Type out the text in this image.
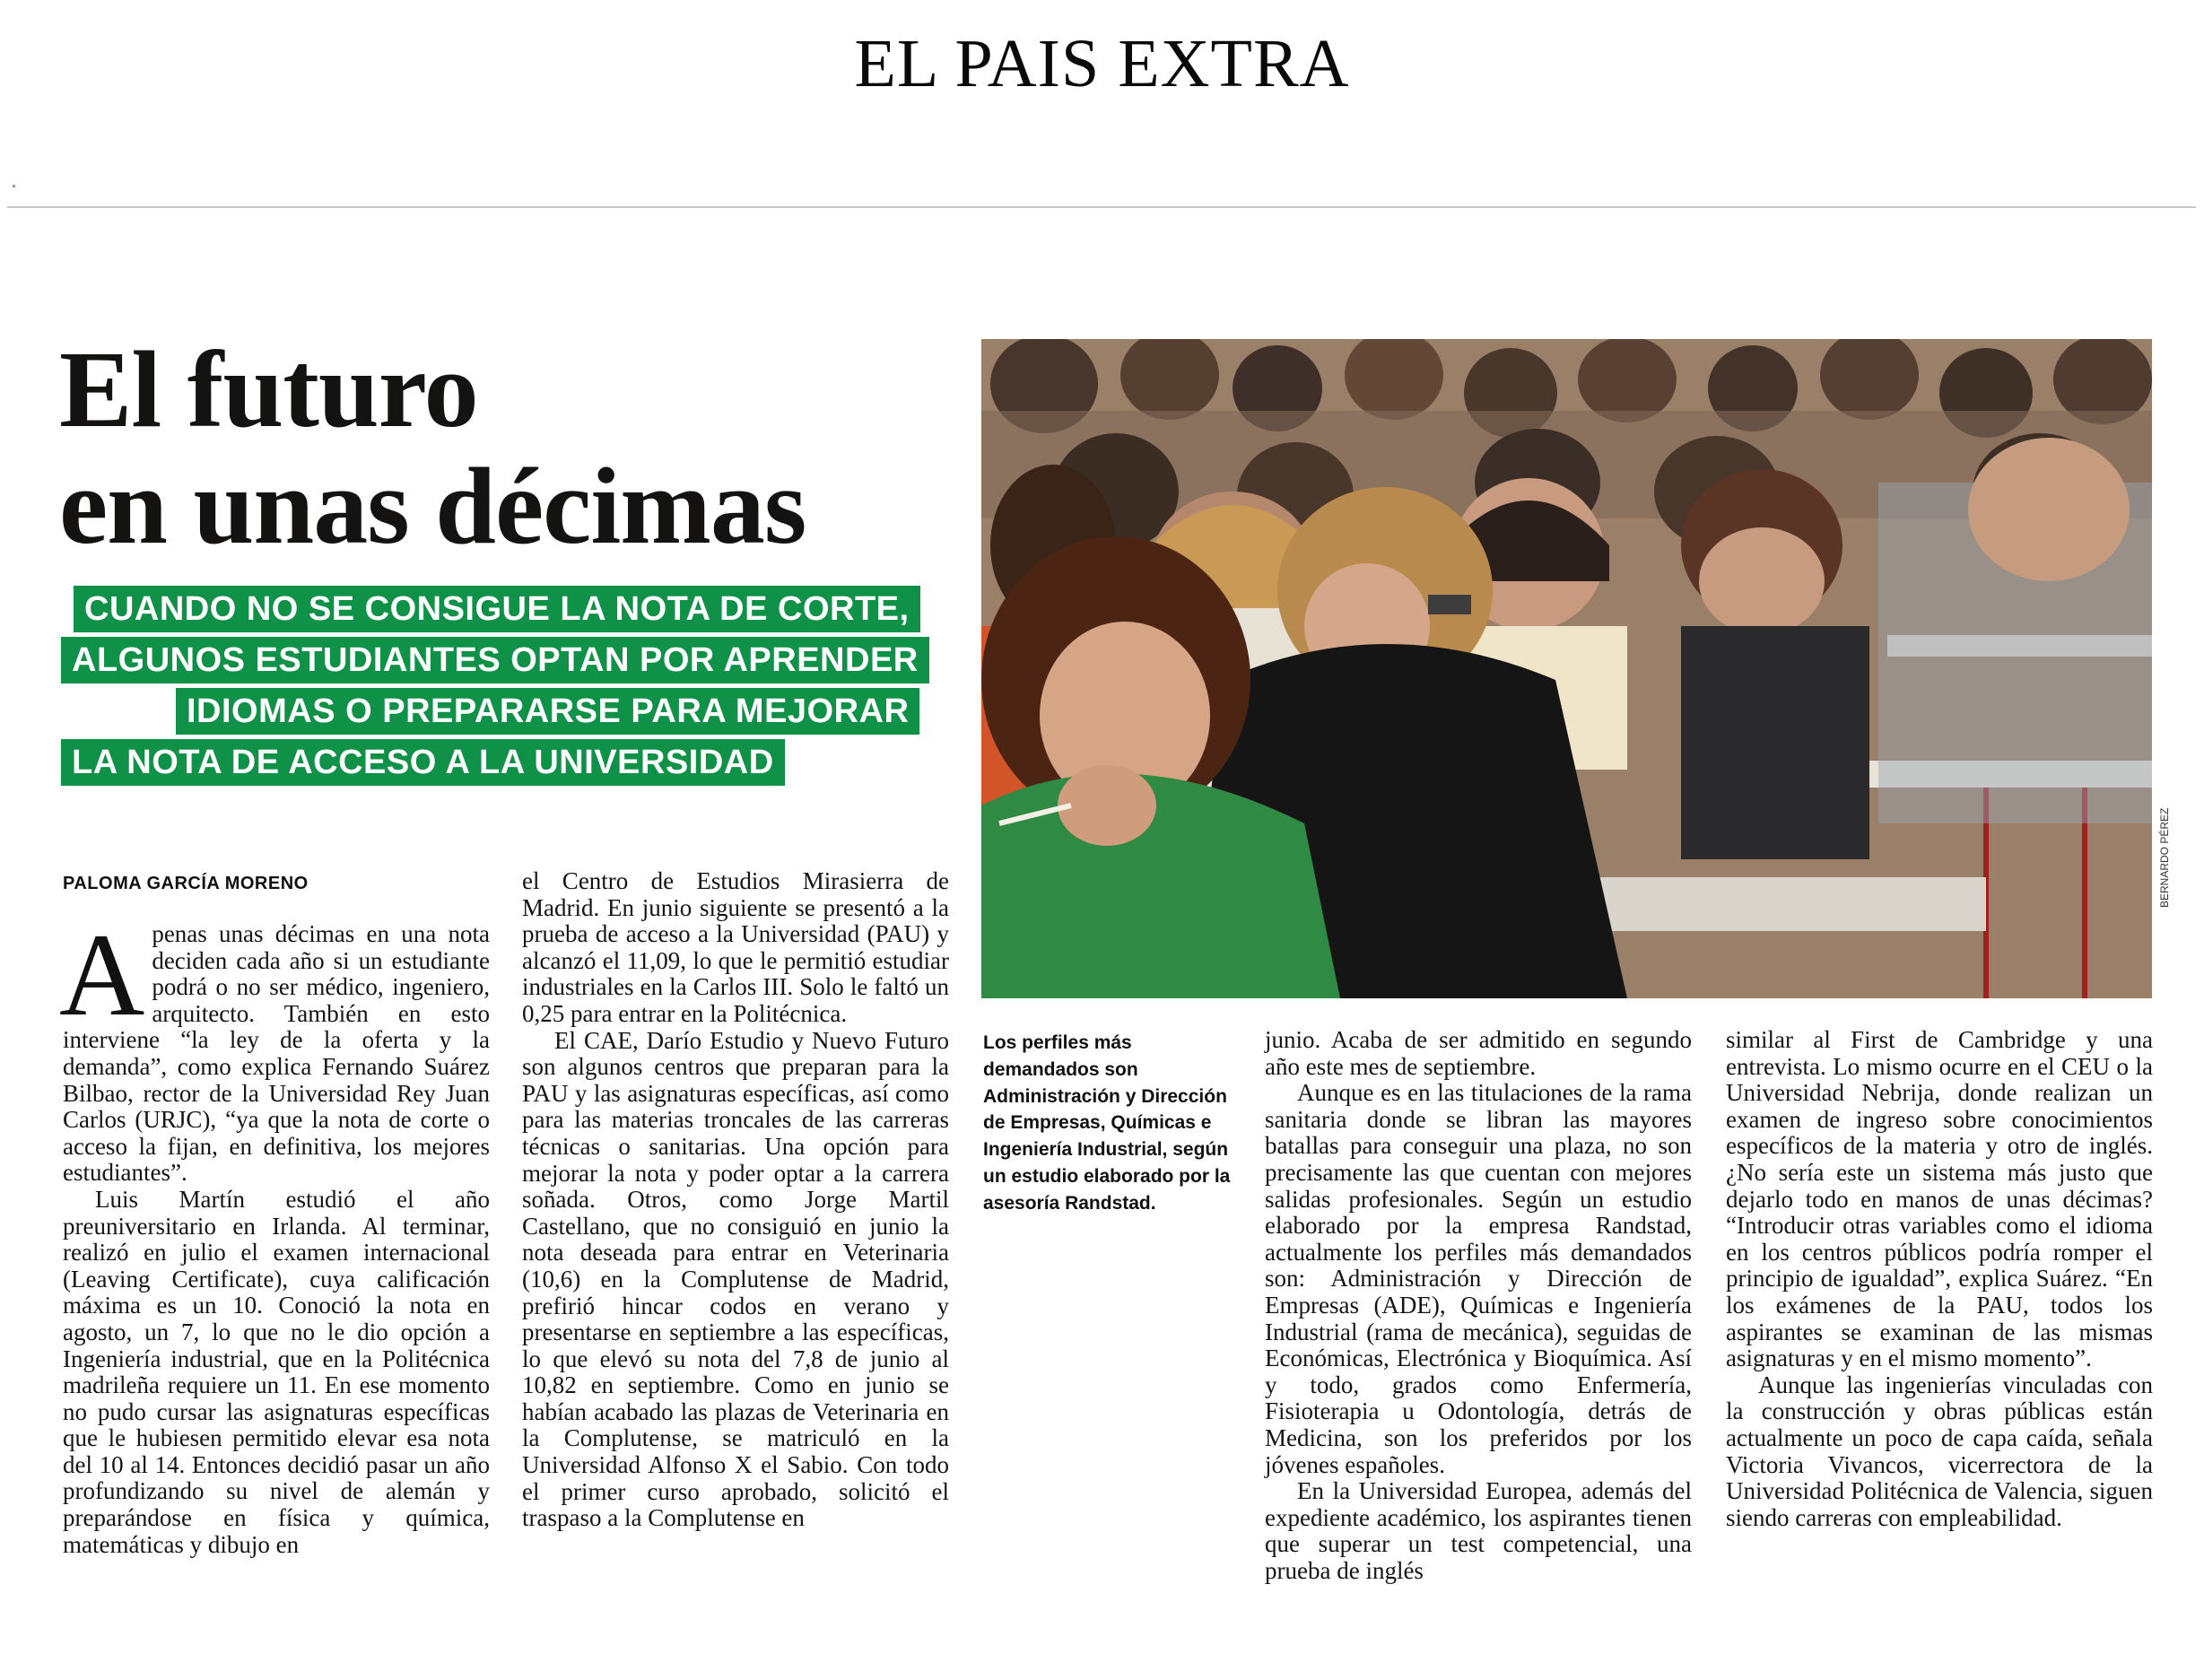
EL PAIS EXTRA
El futuro
en unas décimas
CUANDO NO SE CONSIGUE LA NOTA DE CORTE,
ALGUNOS ESTUDIANTES OPTAN POR APRENDER
IDIOMAS O PREPARARSE PARA MEJORAR
LA NOTA DE ACCESO A LA UNIVERSIDAD
BERNARDO PÉREZ
PALOMA GARCÍA MORENO

Apenas unas décimas en una nota deciden cada año si un estudiante podrá o no ser médico, ingeniero, arquitecto. También en esto interviene “la ley de la oferta y la demanda”, como explica Fernando Suárez Bilbao, rector de la Universidad Rey Juan Carlos (URJC), “ya que la nota de corte o acceso la fijan, en definitiva, los mejores estudiantes”.

Luis Martín estudió el año preuniversitario en Irlanda. Al terminar, realizó en julio el examen internacional (Leaving Certificate), cuya calificación máxima es un 10. Conoció la nota en agosto, un 7, lo que no le dio opción a Ingeniería industrial, que en la Politécnica madrileña requiere un 11. En ese momento no pudo cursar las asignaturas específicas que le hubiesen permitido elevar esa nota del 10 al 14. Entonces decidió pasar un año profundizando su nivel de alemán y preparándose en física y química, matemáticas y dibujo en

el Centro de Estudios Mirasierra de Madrid. En junio siguiente se presentó a la prueba de acceso a la Universidad (PAU) y alcanzó el 11,09, lo que le permitió estudiar industriales en la Carlos III. Solo le faltó un 0,25 para entrar en la Politécnica.

El CAE, Darío Estudio y Nuevo Futuro son algunos centros que preparan para la PAU y las asignaturas específicas, así como para las materias troncales de las carreras técnicas o sanitarias. Una opción para mejorar la nota y poder optar a la carrera soñada. Otros, como Jorge Martil Castellano, que no consiguió en junio la nota deseada para entrar en Veterinaria (10,6) en la Complutense de Madrid, prefirió hincar codos en verano y presentarse en septiembre a las específicas, lo que elevó su nota del 7,8 de junio al 10,82 en septiembre. Como en junio se habían acabado las plazas de Veterinaria en la Complutense, se matriculó en la Universidad Alfonso X el Sabio. Con todo el primer curso aprobado, solicitó el traspaso a la Complutense en

Los perfiles más demandados son Administración y Dirección de Empresas, Químicas e Ingeniería Industrial, según un estudio elaborado por la asesoría Randstad.

junio. Acaba de ser admitido en segundo año este mes de septiembre.

Aunque es en las titulaciones de la rama sanitaria donde se libran las mayores batallas para conseguir una plaza, no son precisamente las que cuentan con mejores salidas profesionales. Según un estudio elaborado por la empresa Randstad, actualmente los perfiles más demandados son: Administración y Dirección de Empresas (ADE), Químicas e Ingeniería Industrial (rama de mecánica), seguidas de Económicas, Electrónica y Bioquímica. Así y todo, grados como Enfermería, Fisioterapia u Odontología, detrás de Medicina, son los preferidos por los jóvenes españoles.

En la Universidad Europea, además del expediente académico, los aspirantes tienen que superar un test competencial, una prueba de inglés

similar al First de Cambridge y una entrevista. Lo mismo ocurre en el CEU o la Universidad Nebrija, donde realizan un examen de ingreso sobre conocimientos específicos de la materia y otro de inglés. ¿No sería este un sistema más justo que dejarlo todo en manos de unas décimas? “Introducir otras variables como el idioma en los centros públicos podría romper el principio de igualdad”, explica Suárez. “En los exámenes de la PAU, todos los aspirantes se examinan de las mismas asignaturas y en el mismo momento”.

Aunque las ingenierías vinculadas con la construcción y obras públicas están actualmente un poco de capa caída, señala Victoria Vivancos, vicerrectora de la Universidad Politécnica de Valencia, siguen siendo carreras con empleabilidad.
